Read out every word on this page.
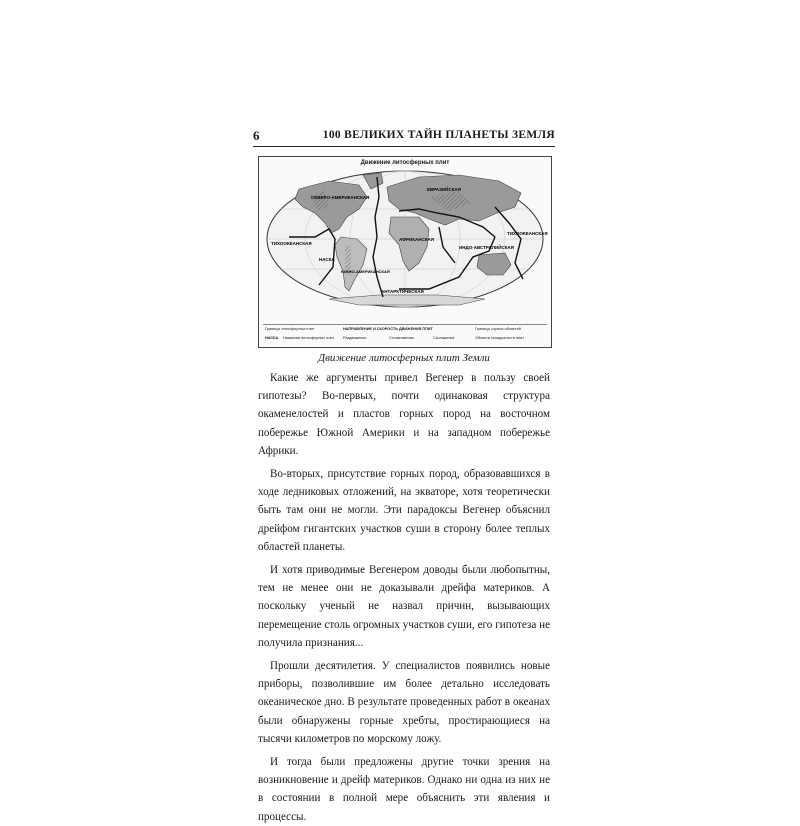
6	100 ВЕЛИКИХ ТАЙН ПЛАНЕТЫ ЗЕМЛЯ
Движение литосферных плит
СЕВЕРО-АМЕРИКАНСКАЯ
ЕВРАЗИЙСКАЯ
ТИХООКЕАНСКАЯ
ТИХООКЕАНСКАЯ
АФРИКАНСКАЯ
ЮЖНО-АМЕРИКАНСКАЯ
ИНДО-АВСТРАЛИЙСКАЯ
АНТАРКТИЧЕСКАЯ
НАСКА
Границы литосферных плит
НАСКА Названия литосферных плит
НАПРАВЛЕНИЕ И СКОРОСТЬ ДВИЖЕНИЯ ПЛИТ
Раздвижение	Столкновение	Скольжение
Границы горных областей
Области складчатости плит
Движение литосферных плит Земли

Какие же аргументы привел Вегенер в пользу своей гипотезы? Во-первых, почти одинаковая структура окаменелостей и пластов горных пород на восточном побережье Южной Америки и на западном побережье Африки.

Во-вторых, присутствие горных пород, образовавшихся в ходе ледниковых отложений, на экваторе, хотя теоретически быть там они не могли. Эти парадоксы Вегенер объяснил дрейфом гигантских участков суши в сторону более теплых областей планеты.

И хотя приводимые Вегенером доводы были любопытны, тем не менее они не доказывали дрейфа материков. А поскольку ученый не назвал причин, вызывающих перемещение столь огромных участков суши, его гипотеза не получила признания...

Прошли десятилетия. У специалистов появились новые приборы, позволившие им более детально исследовать океаническое дно. В результате проведенных работ в океанах были обнаружены горные хребты, простирающиеся на тысячи километров по морскому ложу.

И тогда были предложены другие точки зрения на возникновение и дрейф материков. Однако ни одна из них не в состоянии в полной мере объяснить эти явления и процессы.
